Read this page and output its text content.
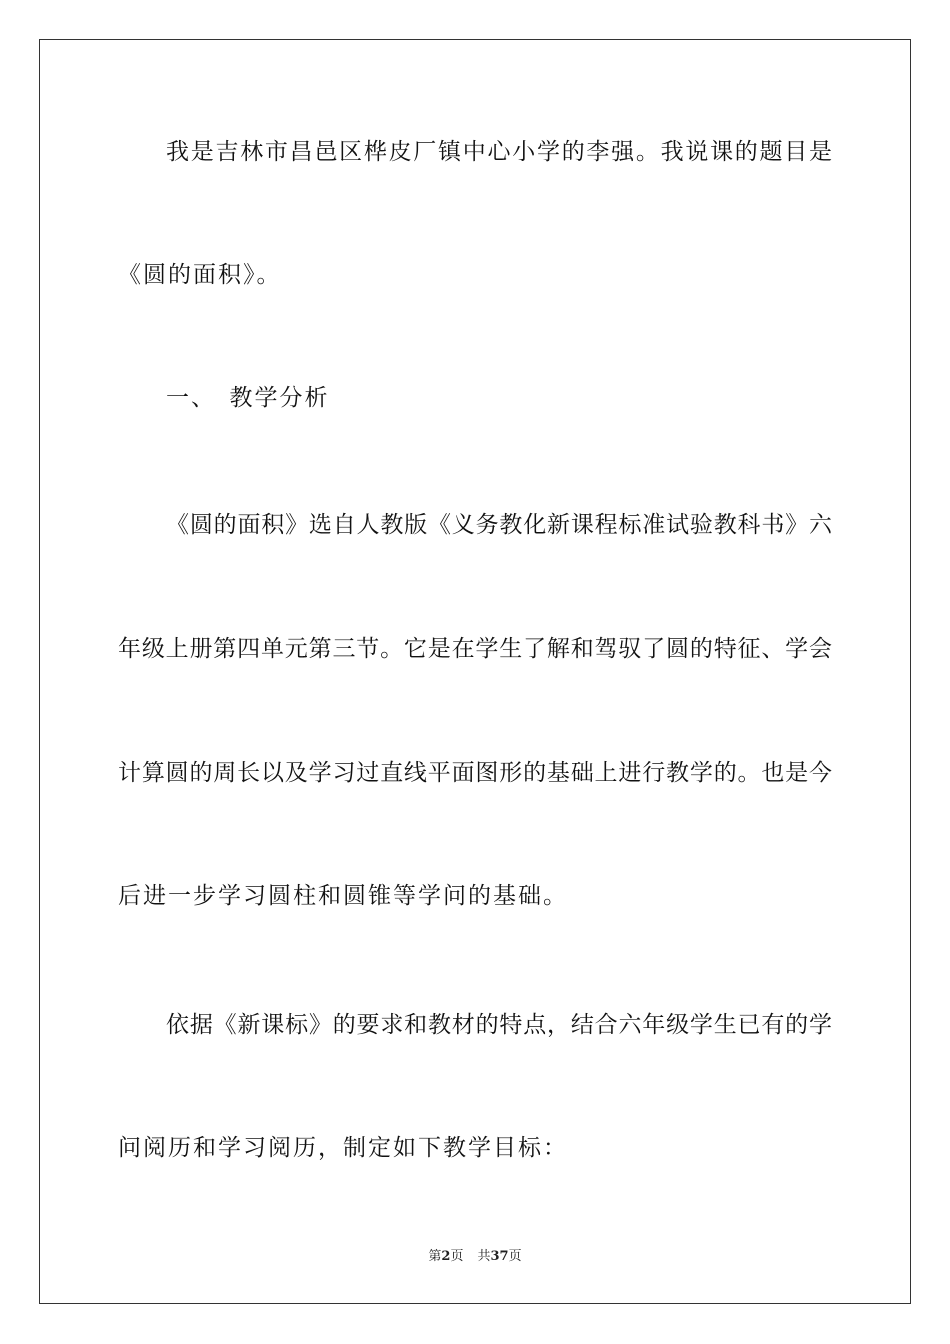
我是吉林市昌邑区桦皮厂镇中心小学的李强。我说课的题目是
《圆的面积》。
一、　教学分析
《圆的面积》选自人教版《义务教化新课程标准试验教科书》六
年级上册第四单元第三节。它是在学生了解和驾驭了圆的特征、学会
计算圆的周长以及学习过直线平面图形的基础上进行教学的。也是今
后进一步学习圆柱和圆锥等学问的基础。
依据《新课标》的要求和教材的特点，结合六年级学生已有的学
问阅历和学习阅历，制定如下教学目标：
第2页 共37页
